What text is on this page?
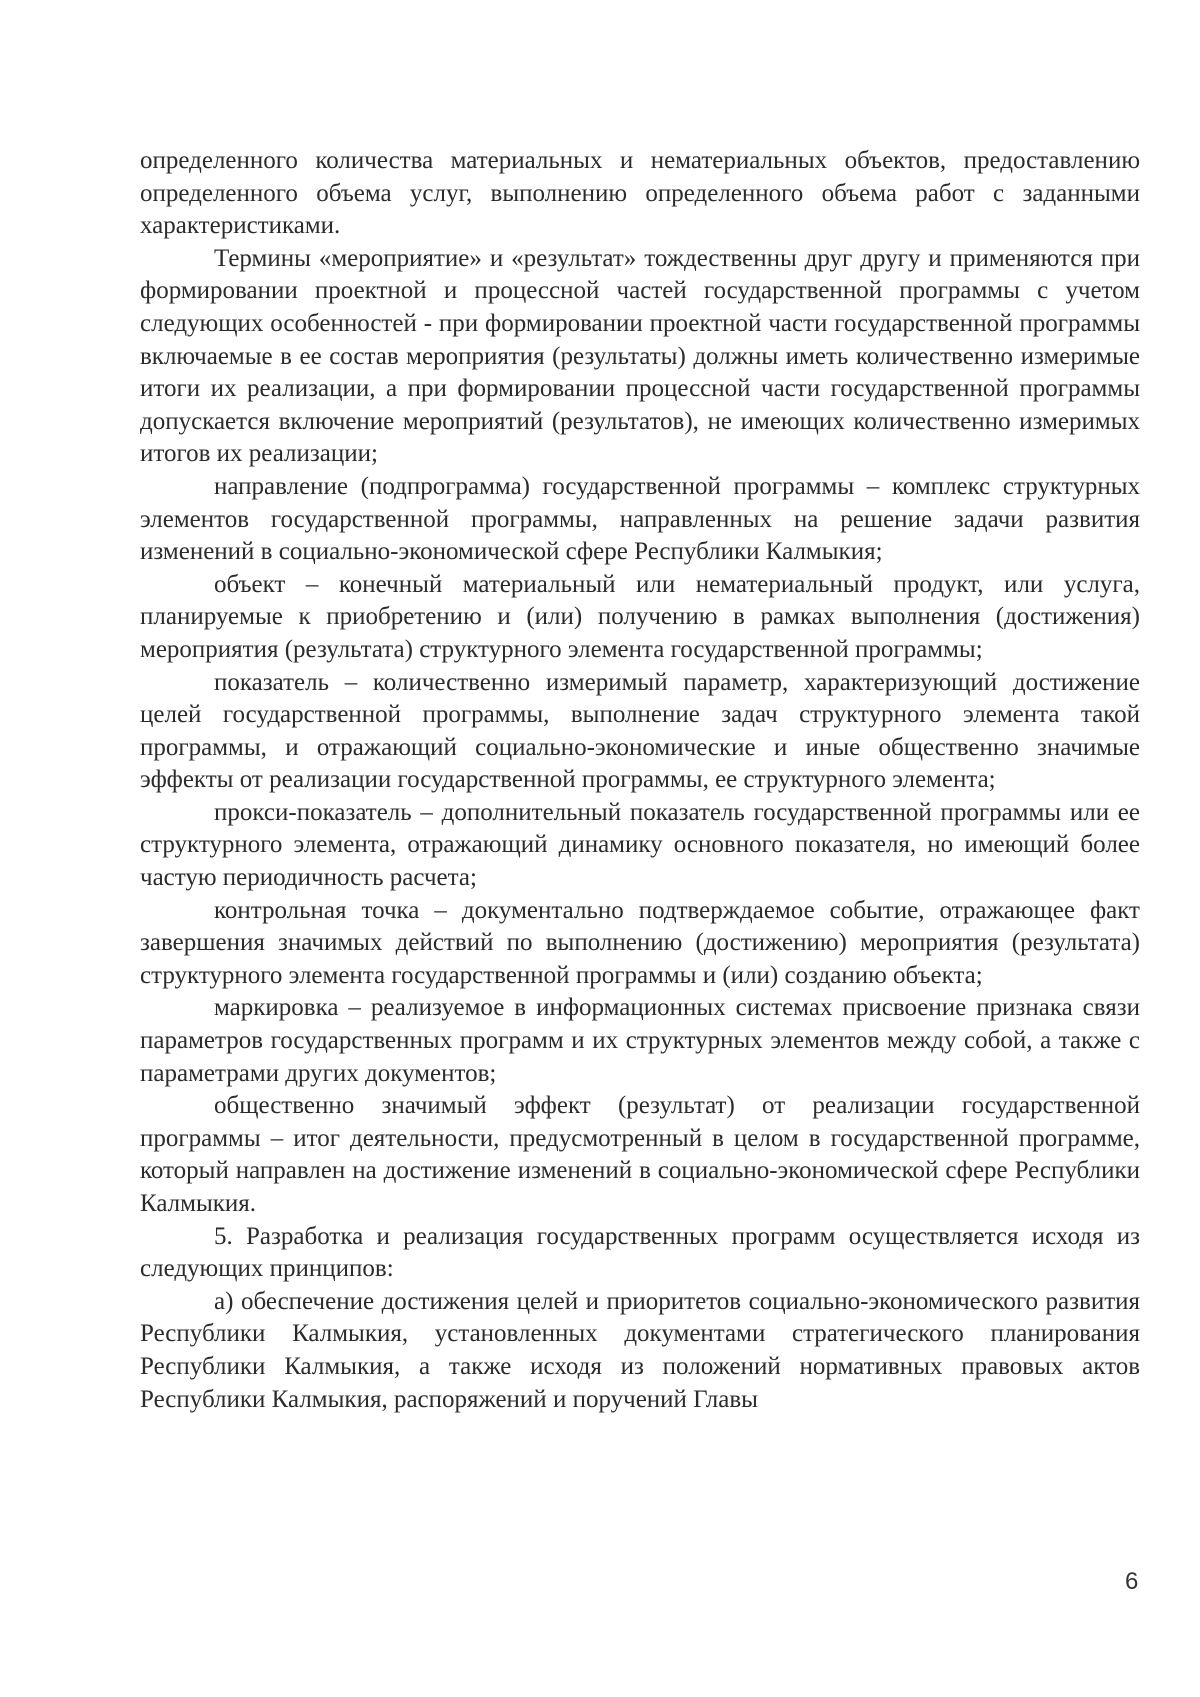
определенного количества материальных и нематериальных объектов, предоставлению определенного объема услуг, выполнению определенного объема работ с заданными характеристиками.

Термины «мероприятие» и «результат» тождественны друг другу и применяются при формировании проектной и процессной частей государственной программы с учетом следующих особенностей - при формировании проектной части государственной программы включаемые в ее состав мероприятия (результаты) должны иметь количественно измеримые итоги их реализации, а при формировании процессной части государственной программы допускается включение мероприятий (результатов), не имеющих количественно измеримых итогов их реализации;

направление (подпрограмма) государственной программы – комплекс структурных элементов государственной программы, направленных на решение задачи развития изменений в социально-экономической сфере Республики Калмыкия;

объект – конечный материальный или нематериальный продукт, или услуга, планируемые к приобретению и (или) получению в рамках выполнения (достижения) мероприятия (результата) структурного элемента государственной программы;

показатель – количественно измеримый параметр, характеризующий достижение целей государственной программы, выполнение задач структурного элемента такой программы, и отражающий социально-экономические и иные общественно значимые эффекты от реализации государственной программы, ее структурного элемента;

прокси-показатель – дополнительный показатель государственной программы или ее структурного элемента, отражающий динамику основного показателя, но имеющий более частую периодичность расчета;

контрольная точка – документально подтверждаемое событие, отражающее факт завершения значимых действий по выполнению (достижению) мероприятия (результата) структурного элемента государственной программы и (или) созданию объекта;

маркировка – реализуемое в информационных системах присвоение признака связи параметров государственных программ и их структурных элементов между собой, а также с параметрами других документов;

общественно значимый эффект (результат) от реализации государственной программы – итог деятельности, предусмотренный в целом в государственной программе, который направлен на достижение изменений в социально-экономической сфере Республики Калмыкия.

5. Разработка и реализация государственных программ осуществляется исходя из следующих принципов:

а) обеспечение достижения целей и приоритетов социально-экономического развития Республики Калмыкия, установленных документами стратегического планирования Республики Калмыкия, а также исходя из положений нормативных правовых актов Республики Калмыкия, распоряжений и поручений Главы

6
